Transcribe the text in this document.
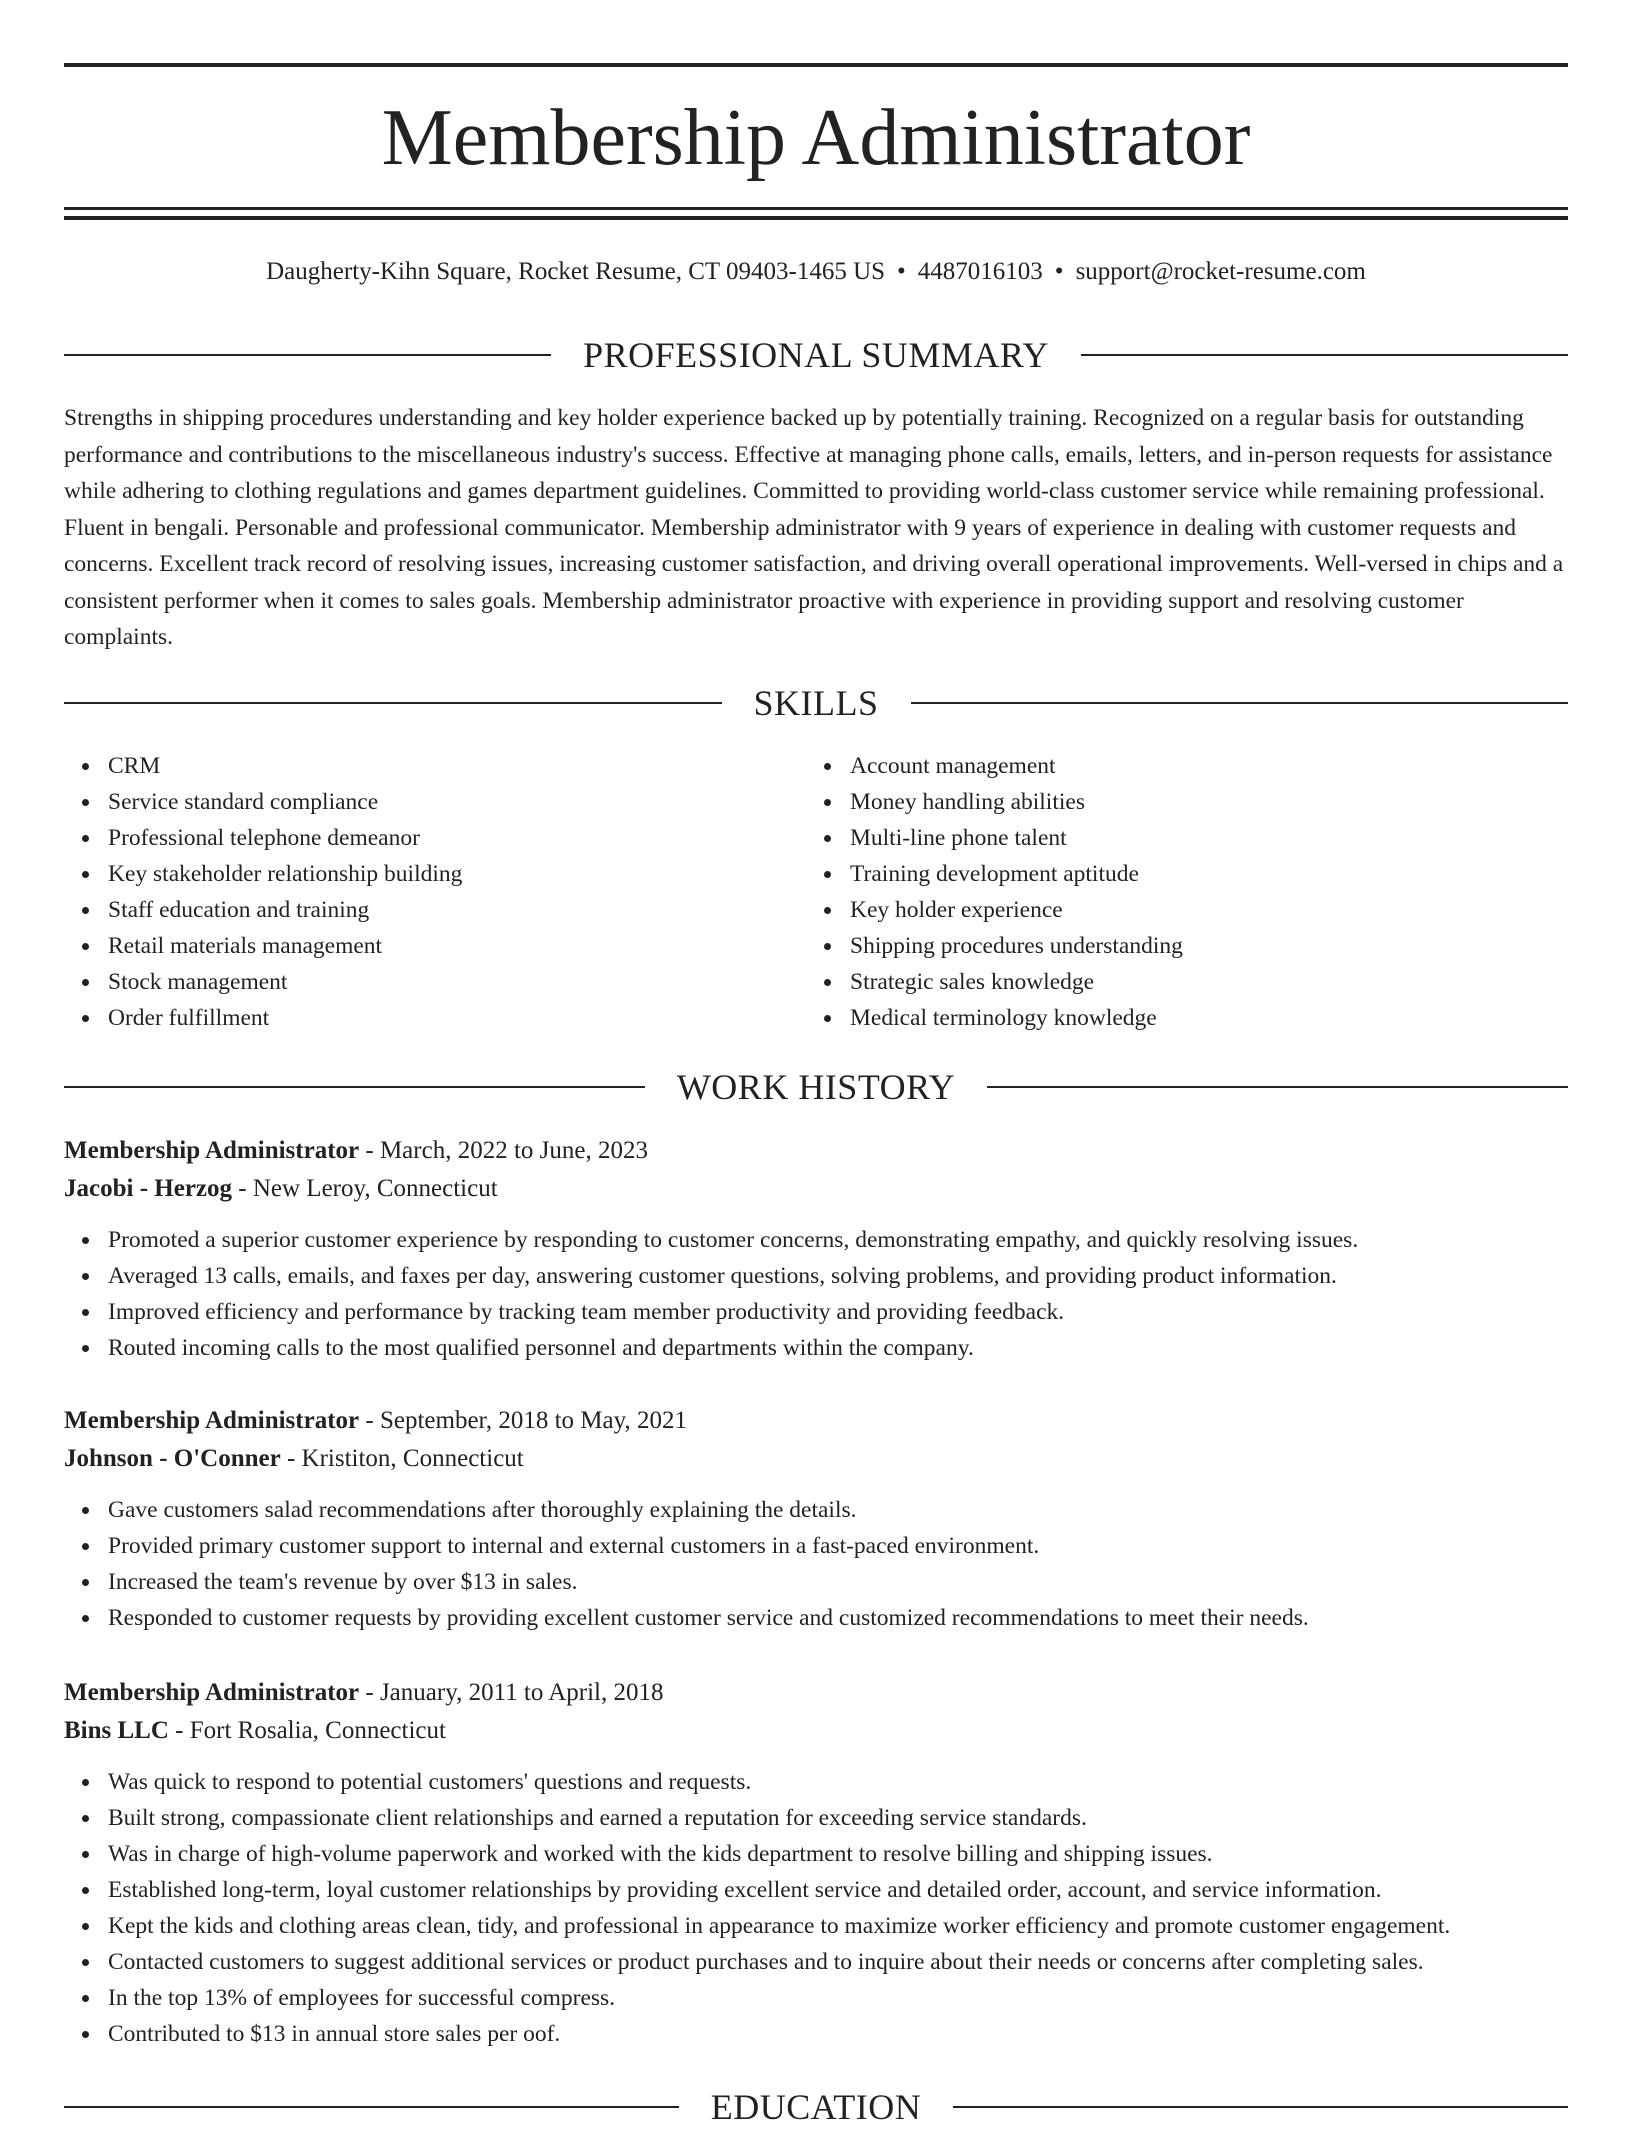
Membership Administrator
Daugherty-Kihn Square, Rocket Resume, CT 09403-1465 US • 4487016103 • support@rocket-resume.com
PROFESSIONAL SUMMARY

Strengths in shipping procedures understanding and key holder experience backed up by potentially training. Recognized on a regular basis for outstanding performance and contributions to the miscellaneous industry's success. Effective at managing phone calls, emails, letters, and in-person requests for assistance while adhering to clothing regulations and games department guidelines. Committed to providing world-class customer service while remaining professional. Fluent in bengali. Personable and professional communicator. Membership administrator with 9 years of experience in dealing with customer requests and concerns. Excellent track record of resolving issues, increasing customer satisfaction, and driving overall operational improvements. Well-versed in chips and a consistent performer when it comes to sales goals. Membership administrator proactive with experience in providing support and resolving customer complaints.

SKILLS
CRM
Service standard compliance
Professional telephone demeanor
Key stakeholder relationship building
Staff education and training
Retail materials management
Stock management
Order fulfillment
Account management
Money handling abilities
Multi-line phone talent
Training development aptitude
Key holder experience
Shipping procedures understanding
Strategic sales knowledge
Medical terminology knowledge
WORK HISTORY
Membership Administrator - March, 2022 to June, 2023
Jacobi - Herzog - New Leroy, Connecticut
Promoted a superior customer experience by responding to customer concerns, demonstrating empathy, and quickly resolving issues.
Averaged 13 calls, emails, and faxes per day, answering customer questions, solving problems, and providing product information.
Improved efficiency and performance by tracking team member productivity and providing feedback.
Routed incoming calls to the most qualified personnel and departments within the company.
Membership Administrator - September, 2018 to May, 2021
Johnson - O'Conner - Kristiton, Connecticut
Gave customers salad recommendations after thoroughly explaining the details.
Provided primary customer support to internal and external customers in a fast-paced environment.
Increased the team's revenue by over $13 in sales.
Responded to customer requests by providing excellent customer service and customized recommendations to meet their needs.
Membership Administrator - January, 2011 to April, 2018
Bins LLC - Fort Rosalia, Connecticut
Was quick to respond to potential customers' questions and requests.
Built strong, compassionate client relationships and earned a reputation for exceeding service standards.
Was in charge of high-volume paperwork and worked with the kids department to resolve billing and shipping issues.
Established long-term, loyal customer relationships by providing excellent service and detailed order, account, and service information.
Kept the kids and clothing areas clean, tidy, and professional in appearance to maximize worker efficiency and promote customer engagement.
Contacted customers to suggest additional services or product purchases and to inquire about their needs or concerns after completing sales.
In the top 13% of employees for successful compress.
Contributed to $13 in annual store sales per oof.
EDUCATION
